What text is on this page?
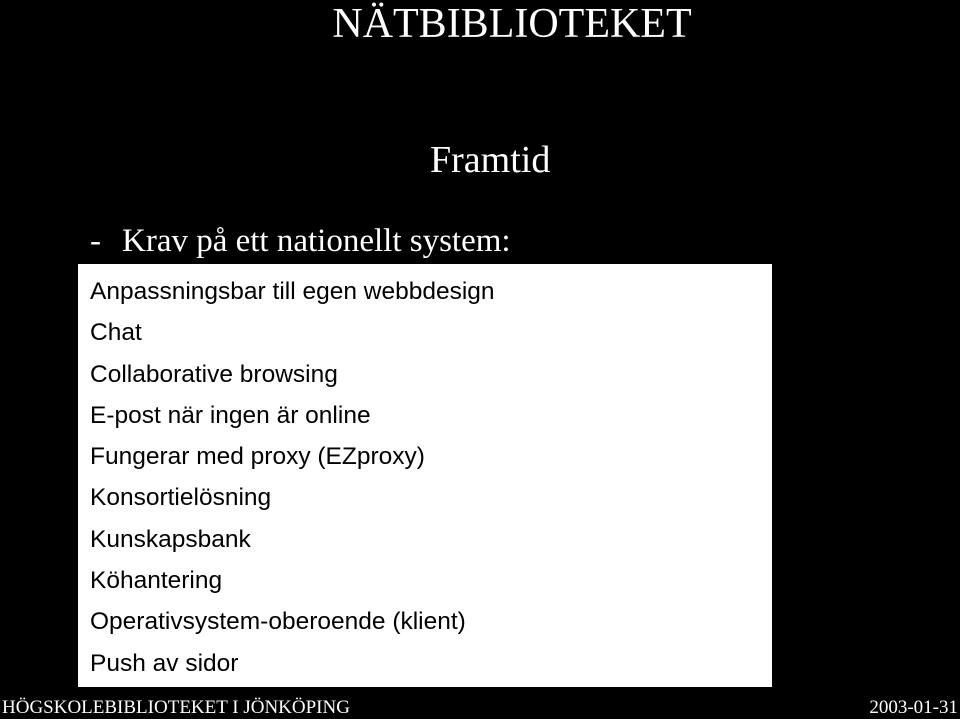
NÄTBIBLIOTEKET
Framtid
- Krav på ett nationellt system:
Anpassningsbar till egen webbdesign
Chat
Collaborative browsing
E-post när ingen är online
Fungerar med proxy (EZproxy)
Konsortielösning
Kunskapsbank
Köhantering
Operativsystem-oberoende (klient)
Push av sidor
HÖGSKOLEBIBLIOTEKET I JÖNKÖPING	2003-01-31
